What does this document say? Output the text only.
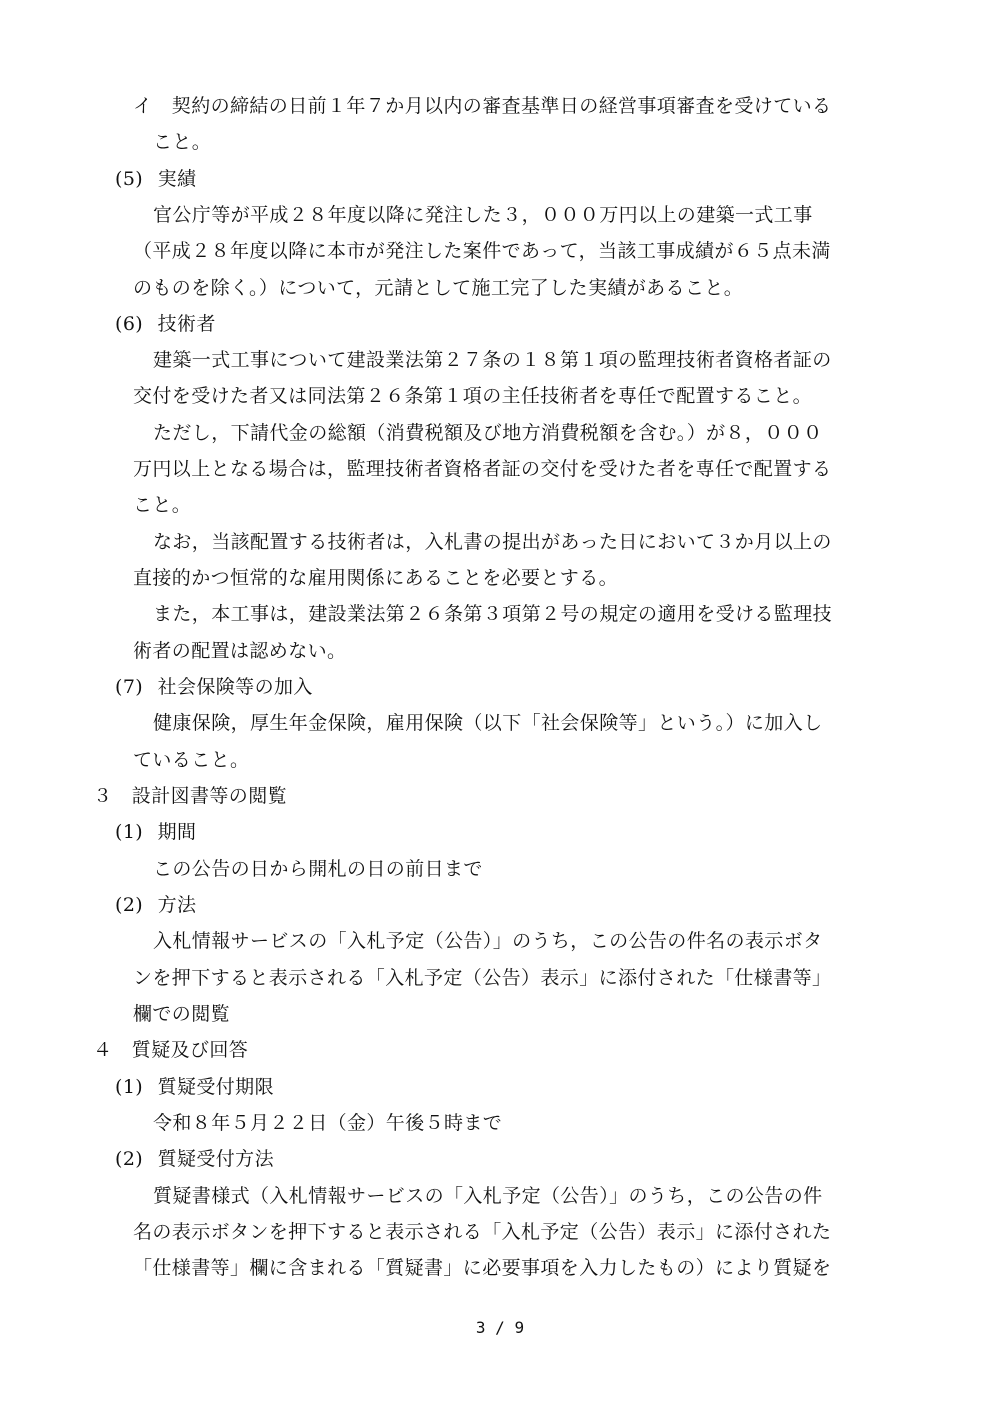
イ　契約の締結の日前１年７か月以内の審査基準日の経営事項審査を受けている
こと。
(5) 実績
官公庁等が平成２８年度以降に発注した３，０００万円以上の建築一式工事
（平成２８年度以降に本市が発注した案件であって，当該工事成績が６５点未満
のものを除く。）について，元請として施工完了した実績があること。
(6) 技術者
建築一式工事について建設業法第２７条の１８第１項の監理技術者資格者証の
交付を受けた者又は同法第２６条第１項の主任技術者を専任で配置すること。
ただし，下請代金の総額（消費税額及び地方消費税額を含む。）が８，０００
万円以上となる場合は，監理技術者資格者証の交付を受けた者を専任で配置する
こと。
なお，当該配置する技術者は，入札書の提出があった日において３か月以上の
直接的かつ恒常的な雇用関係にあることを必要とする。
また，本工事は，建設業法第２６条第３項第２号の規定の適用を受ける監理技
術者の配置は認めない。
(7) 社会保険等の加入
健康保険，厚生年金保険，雇用保険（以下「社会保険等」という。）に加入し
ていること。
３　設計図書等の閲覧
(1) 期間
この公告の日から開札の日の前日まで
(2) 方法
入札情報サービスの「入札予定（公告）」のうち，この公告の件名の表示ボタ
ンを押下すると表示される「入札予定（公告）表示」に添付された「仕様書等」
欄での閲覧
４　質疑及び回答
(1) 質疑受付期限
令和８年５月２２日（金）午後５時まで
(2) 質疑受付方法
質疑書様式（入札情報サービスの「入札予定（公告）」のうち，この公告の件
名の表示ボタンを押下すると表示される「入札予定（公告）表示」に添付された
「仕様書等」欄に含まれる「質疑書」に必要事項を入力したもの）により質疑を
3 / 9
